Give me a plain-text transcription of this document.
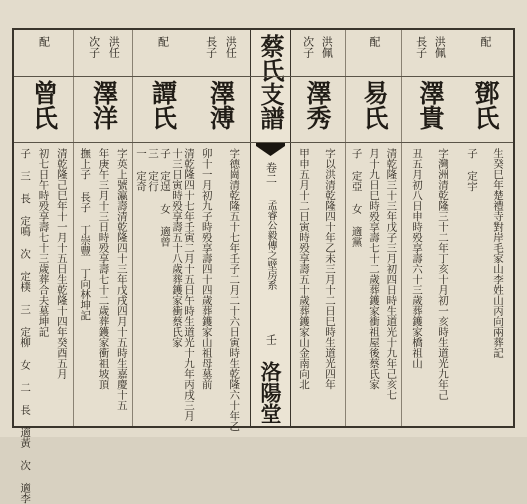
洪任
長子
澤溥
字德崗清乾隆五十七年壬子二月二十六日寅時生乾隆六十年乙
卯十一月初九子時殁享壽四十四歲葬鑊家山祖母墓前
配
譚氏
清乾隆四十七年壬寅二月十五日午時生道光十九年丙戌三月
十三日寅時殁享壽五十八歲葬鑊家衝蔡氏家
子 定逞 女 適曾
三 定行
一 定奇
洪任
次子
澤洋
字英上號瀛壽清乾隆四十三年戊戌四月十五時生嘉慶十五
年庚午三月十三日時殁享壽七十二歲葬鑊家衝祖坡頂
撫上子 長子 丁崇豐 丁向林坤記
配
曾氏
清乾隆己巳年十一月十五日生乾隆十四年癸酉五月
初七日午時殁享壽七十三歲葬合夫墓坤記
子 三 長 定鳴 次 定樸 三 定柳 女 二 長 適黃 次 適李
蔡氏支譜
卷二
孟睿公毅傳之壁房系
壬
洛陽堂
配
鄧氏
生癸巳年楚禮寺對岸毛家山李姓山丙向兩葬記
子 定宇
洪佩
長子
澤貴
字灣洲清乾隆三十二年丁亥十月初一亥時生道光九年己
丑五月初八日申時殁享壽六十三歲葬鑊家橋祖山
配
易氏
清乾隆三十三年戊子三月初四日時生道光十九年己亥七
月十九日巳時殁享壽七十二歲葬鑊家衝祖屋後蔡氏家
子 定亞 女 適黨
洪佩
次子
澤秀
字以洪清乾隆四十年乙未三月十二日巳時生道光四年
甲申五月十二日寅時殁享壽五十歲葬鑊家山金南向北
